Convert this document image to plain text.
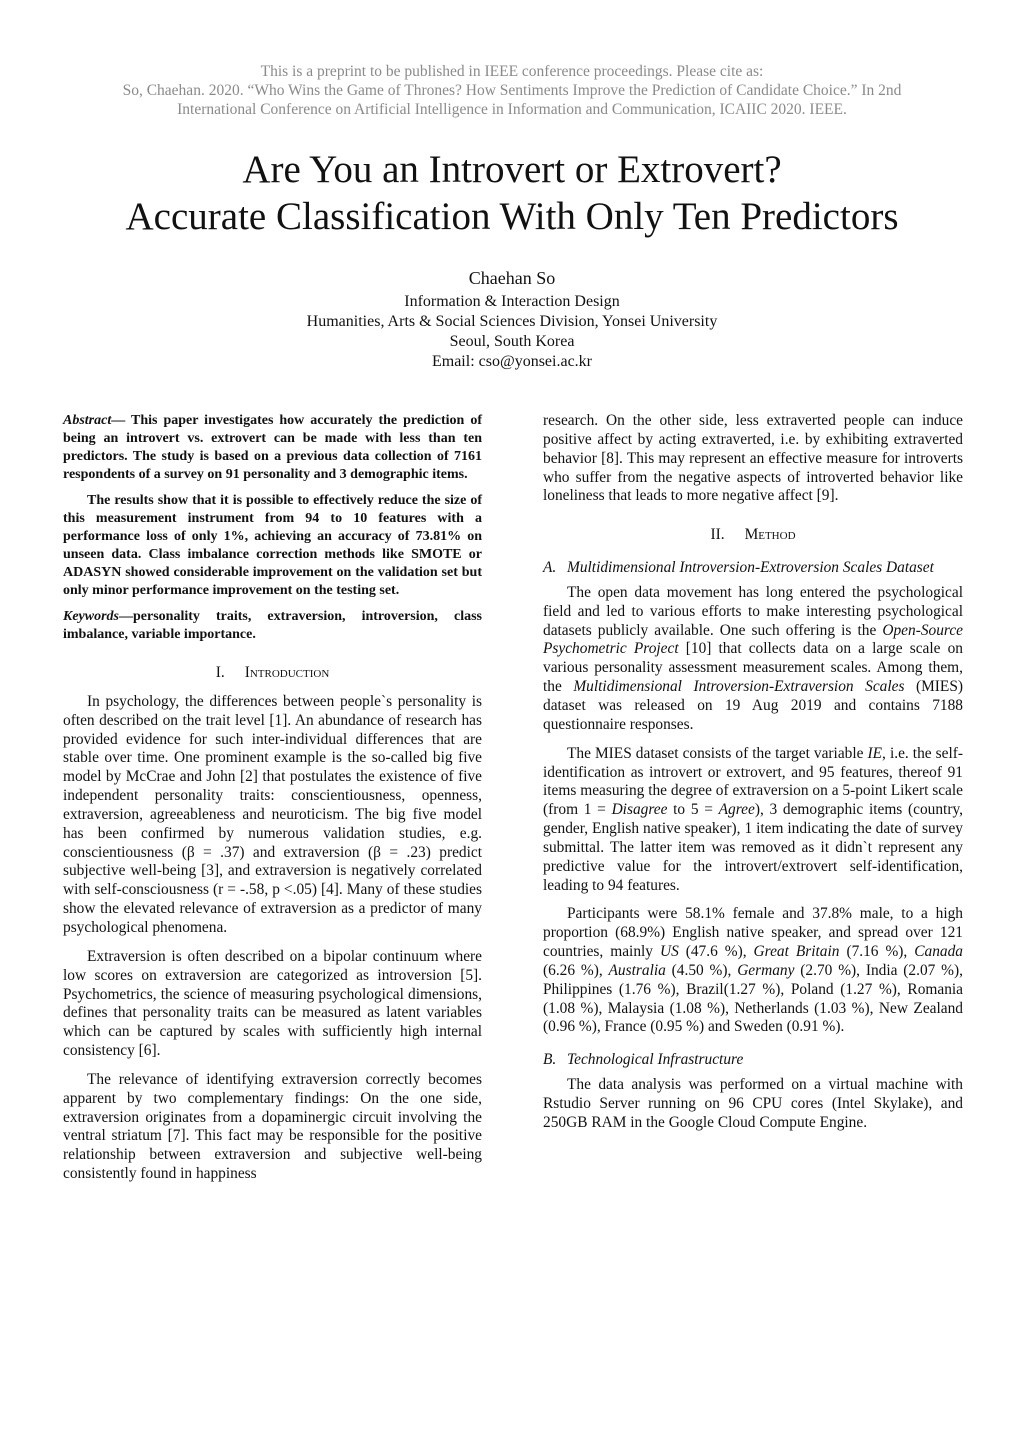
This is a preprint to be published in IEEE conference proceedings. Please cite as:
So, Chaehan. 2020. “Who Wins the Game of Thrones? How Sentiments Improve the Prediction of Candidate Choice.” In 2nd
International Conference on Artificial Intelligence in Information and Communication, ICAIIC 2020. IEEE.
Are You an Introvert or Extrovert?
Accurate Classification With Only Ten Predictors
Chaehan So
Information & Interaction Design
Humanities, Arts & Social Sciences Division, Yonsei University
Seoul, South Korea
Email: cso@yonsei.ac.kr

Abstract— This paper investigates how accurately the prediction of being an introvert vs. extrovert can be made with less than ten predictors. The study is based on a previous data collection of 7161 respondents of a survey on 91 personality and 3 demographic items.

The results show that it is possible to effectively reduce the size of this measurement instrument from 94 to 10 features with a performance loss of only 1%, achieving an accuracy of 73.81% on unseen data. Class imbalance correction methods like SMOTE or ADASYN showed considerable improvement on the validation set but only minor performance improvement on the testing set.

Keywords—personality traits, extraversion, introversion, class imbalance, variable importance.

I. Introduction

In psychology, the differences between people`s personality is often described on the trait level [1]. An abundance of research has provided evidence for such inter-individual differences that are stable over time. One prominent example is the so-called big five model by McCrae and John [2] that postulates the existence of five independent personality traits: conscientiousness, openness, extraversion, agreeableness and neuroticism. The big five model has been confirmed by numerous validation studies, e.g. conscientiousness (β = .37) and extraversion (β = .23) predict subjective well-being [3], and extraversion is negatively correlated with self-consciousness (r = -.58, p <.05) [4]. Many of these studies show the elevated relevance of extraversion as a predictor of many psychological phenomena.

Extraversion is often described on a bipolar continuum where low scores on extraversion are categorized as introversion [5]. Psychometrics, the science of measuring psychological dimensions, defines that personality traits can be measured as latent variables which can be captured by scales with sufficiently high internal consistency [6].

The relevance of identifying extraversion correctly becomes apparent by two complementary findings: On the one side, extraversion originates from a dopaminergic circuit involving the ventral striatum [7]. This fact may be responsible for the positive relationship between extraversion and subjective well-being consistently found in happiness

research. On the other side, less extraverted people can induce positive affect by acting extraverted, i.e. by exhibiting extraverted behavior [8]. This may represent an effective measure for introverts who suffer from the negative aspects of introverted behavior like loneliness that leads to more negative affect [9].

II. Method
A. Multidimensional Introversion-Extroversion Scales Dataset

The open data movement has long entered the psychological field and led to various efforts to make interesting psychological datasets publicly available. One such offering is the Open-Source Psychometric Project [10] that collects data on a large scale on various personality assessment measurement scales. Among them, the Multidimensional Introversion-Extraversion Scales (MIES) dataset was released on 19 Aug 2019 and contains 7188 questionnaire responses.

The MIES dataset consists of the target variable IE, i.e. the self-identification as introvert or extrovert, and 95 features, thereof 91 items measuring the degree of extraversion on a 5-point Likert scale (from 1 = Disagree to 5 = Agree), 3 demographic items (country, gender, English native speaker), 1 item indicating the date of survey submittal. The latter item was removed as it didn`t represent any predictive value for the introvert/extrovert self-identification, leading to 94 features.

Participants were 58.1% female and 37.8% male, to a high proportion (68.9%) English native speaker, and spread over 121 countries, mainly US (47.6 %), Great Britain (7.16 %), Canada (6.26 %), Australia (4.50 %), Germany (2.70 %), India (2.07 %), Philippines (1.76 %), Brazil(1.27 %), Poland (1.27 %), Romania (1.08 %), Malaysia (1.08 %), Netherlands (1.03 %), New Zealand (0.96 %), France (0.95 %) and Sweden (0.91 %).

B. Technological Infrastructure

The data analysis was performed on a virtual machine with Rstudio Server running on 96 CPU cores (Intel Skylake), and 250GB RAM in the Google Cloud Compute Engine.
